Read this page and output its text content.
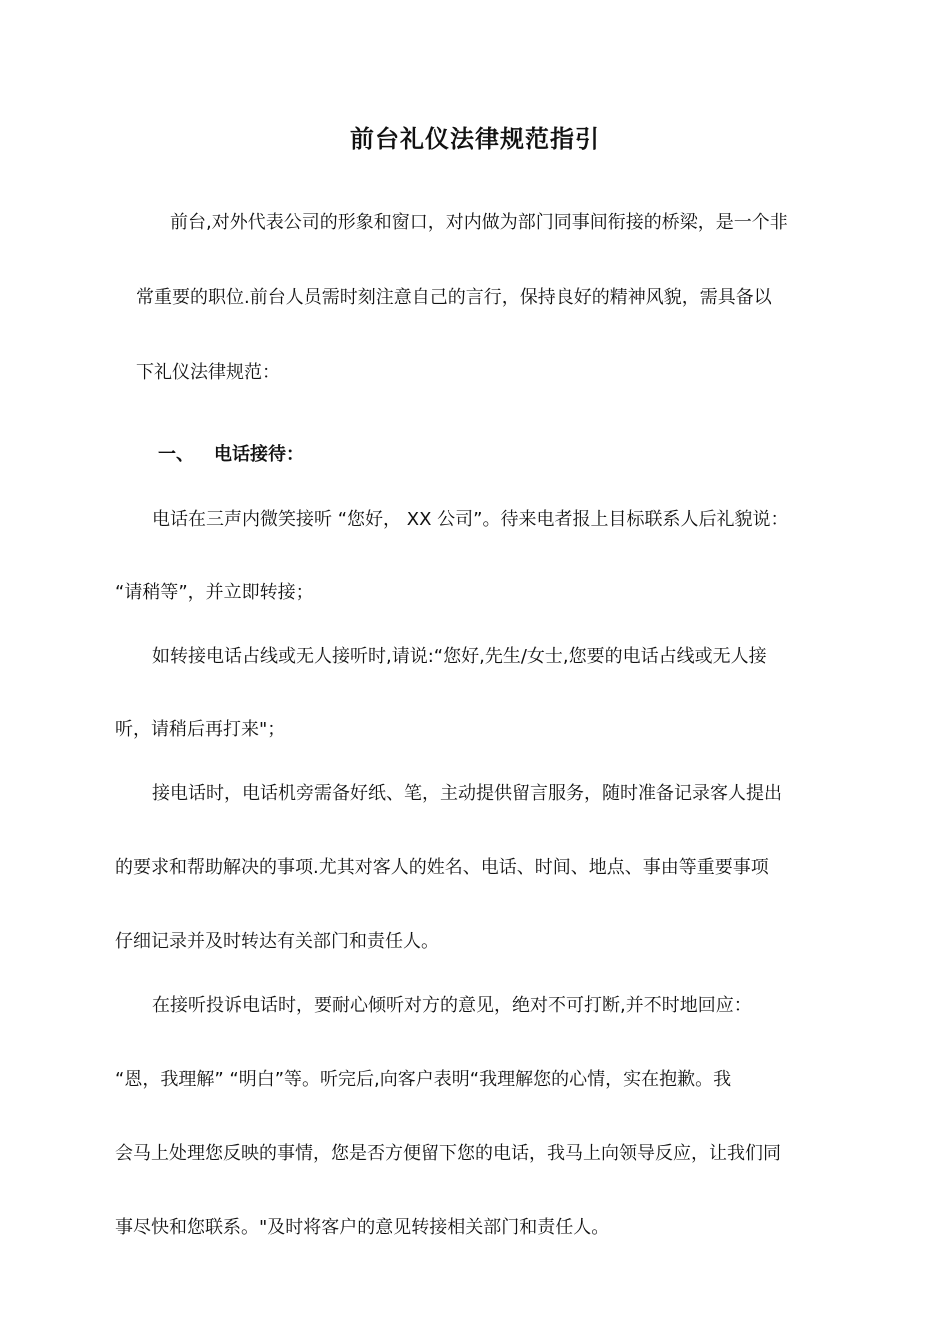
前台礼仪法律规范指引
前台,对外代表公司的形象和窗口，对内做为部门同事间衔接的桥梁，是一个非
常重要的职位.前台人员需时刻注意自己的言行，保持良好的精神风貌，需具备以
下礼仪法律规范：
一、 电话接待：
电话在三声内微笑接听 “您好， XX 公司”。待来电者报上目标联系人后礼貌说：
“请稍等”，并立即转接；
如转接电话占线或无人接听时,请说:“您好,先生/女士,您要的电话占线或无人接
听，请稍后再打来"；
接电话时，电话机旁需备好纸、笔，主动提供留言服务，随时准备记录客人提出
的要求和帮助解决的事项.尤其对客人的姓名、电话、时间、地点、事由等重要事项
仔细记录并及时转达有关部门和责任人。
在接听投诉电话时，要耐心倾听对方的意见，绝对不可打断,并不时地回应：
“恩，我理解” “明白”等。听完后,向客户表明“我理解您的心情，实在抱歉。我
会马上处理您反映的事情，您是否方便留下您的电话，我马上向领导反应，让我们同
事尽快和您联系。"及时将客户的意见转接相关部门和责任人。
